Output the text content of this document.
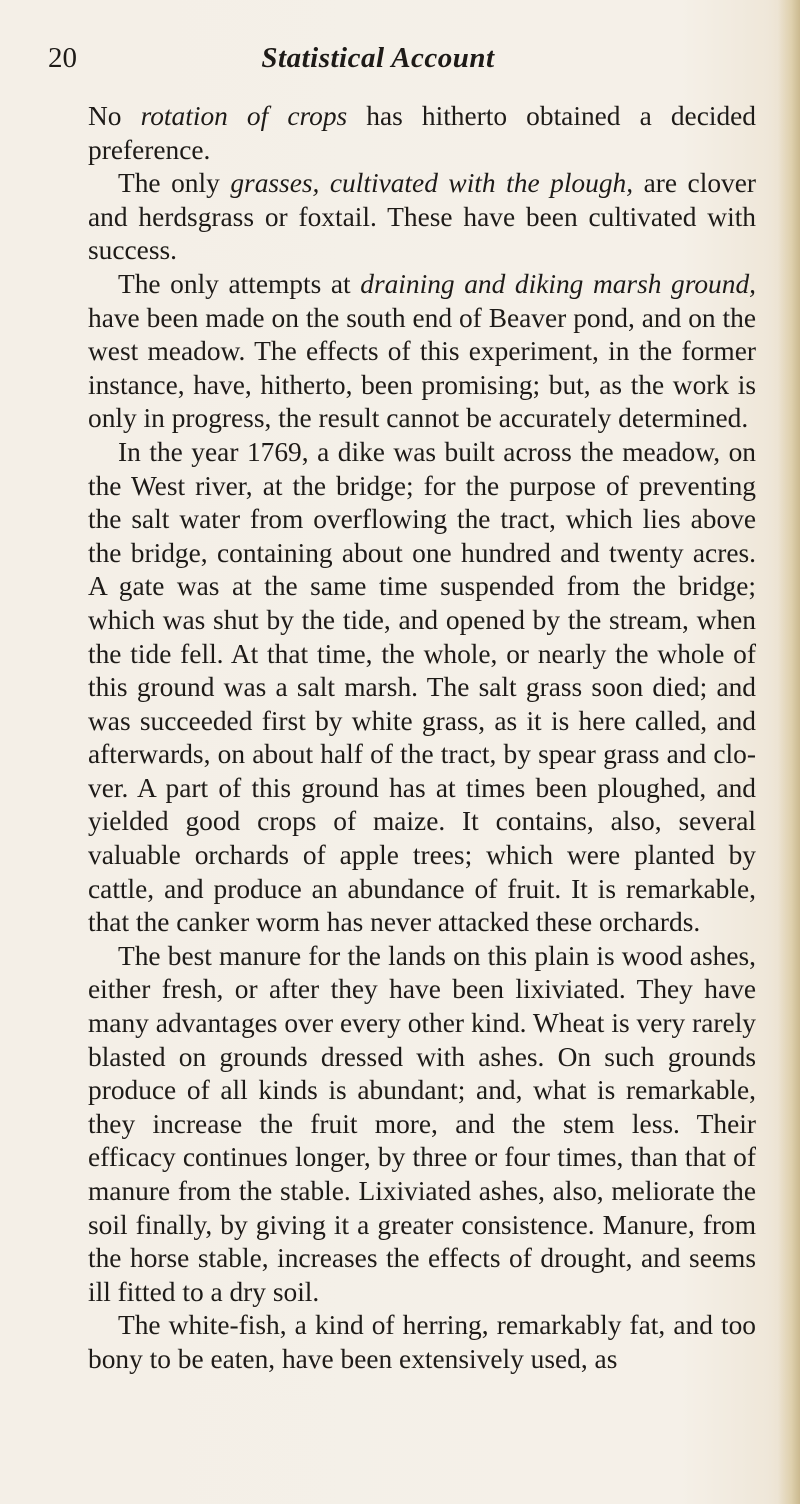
20	Statistical Account

No rotation of crops has hitherto obtained a decided preference.

The only grasses, cultivated with the plough, are clover and herdsgrass or foxtail. These have been cultivated with success.

The only attempts at draining and diking marsh ground, have been made on the south end of Beaver pond, and on the west meadow. The effects of this experiment, in the former instance, have, hitherto, been promising; but, as the work is only in progress, the result cannot be accurately determined.

In the year 1769, a dike was built across the meadow, on the West river, at the bridge; for the purpose of preventing the salt water from overflowing the tract, which lies above the bridge, containing about one hundred and twenty acres. A gate was at the same time suspended from the bridge; which was shut by the tide, and opened by the stream, when the tide fell. At that time, the whole, or nearly the whole of this ground was a salt marsh. The salt grass soon died; and was succeeded first by white grass, as it is here called, and afterwards, on about half of the tract, by spear grass and clover. A part of this ground has at times been ploughed, and yielded good crops of maize. It contains, also, several valuable orchards of apple trees; which were planted by cattle, and produce an abundance of fruit. It is remarkable, that the canker worm has never attacked these orchards.

The best manure for the lands on this plain is wood ashes, either fresh, or after they have been lixiviated. They have many advantages over every other kind. Wheat is very rarely blasted on grounds dressed with ashes. On such grounds produce of all kinds is abundant; and, what is remarkable, they increase the fruit more, and the stem less. Their efficacy continues longer, by three or four times, than that of manure from the stable. Lixiviated ashes, also, meliorate the soil finally, by giving it a greater consistence. Manure, from the horse stable, increases the effects of drought, and seems ill fitted to a dry soil.

The white-fish, a kind of herring, remarkably fat, and too bony to be eaten, have been extensively used, as
